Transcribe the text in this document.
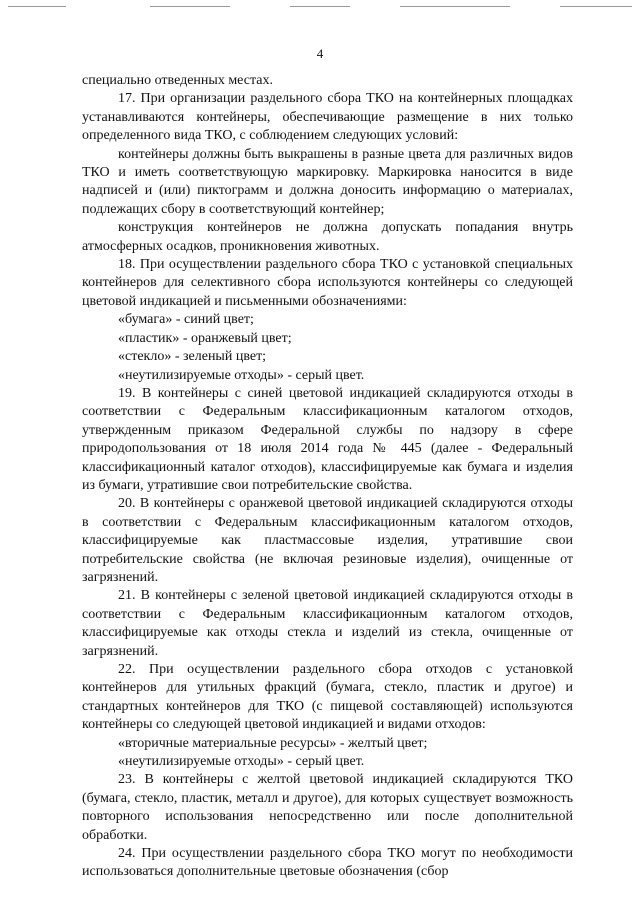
4

специально отведенных местах.

17. При организации раздельного сбора ТКО на контейнерных площадках устанавливаются контейнеры, обеспечивающие размещение в них только определенного вида ТКО, с соблюдением следующих условий:

контейнеры должны быть выкрашены в разные цвета для различных видов ТКО и иметь соответствующую маркировку. Маркировка наносится в виде надписей и (или) пиктограмм и должна доносить информацию о материалах, подлежащих сбору в соответствующий контейнер;

конструкция контейнеров не должна допускать попадания внутрь атмосферных осадков, проникновения животных.

18. При осуществлении раздельного сбора ТКО с установкой специальных контейнеров для селективного сбора используются контейнеры со следующей цветовой индикацией и письменными обозначениями:

«бумага» - синий цвет;

«пластик» - оранжевый цвет;

«стекло» - зеленый цвет;

«неутилизируемые отходы» - серый цвет.

19. В контейнеры с синей цветовой индикацией складируются отходы в соответствии с Федеральным классификационным каталогом отходов, утвержденным приказом Федеральной службы по надзору в сфере природопользования от 18 июля 2014 года № 445 (далее - Федеральный классификационный каталог отходов), классифицируемые как бумага и изделия из бумаги, утратившие свои потребительские свойства.

20. В контейнеры с оранжевой цветовой индикацией складируются отходы в соответствии с Федеральным классификационным каталогом отходов, классифицируемые как пластмассовые изделия, утратившие свои потребительские свойства (не включая резиновые изделия), очищенные от загрязнений.

21. В контейнеры с зеленой цветовой индикацией складируются отходы в соответствии с Федеральным классификационным каталогом отходов, классифицируемые как отходы стекла и изделий из стекла, очищенные от загрязнений.

22. При осуществлении раздельного сбора отходов с установкой контейнеров для утильных фракций (бумага, стекло, пластик и другое) и стандартных контейнеров для ТКО (с пищевой составляющей) используются контейнеры со следующей цветовой индикацией и видами отходов:

«вторичные материальные ресурсы» - желтый цвет;

«неутилизируемые отходы» - серый цвет.

23. В контейнеры с желтой цветовой индикацией складируются ТКО (бумага, стекло, пластик, металл и другое), для которых существует возможность повторного использования непосредственно или после дополнительной обработки.

24. При осуществлении раздельного сбора ТКО могут по необходимости использоваться дополнительные цветовые обозначения (сбор
